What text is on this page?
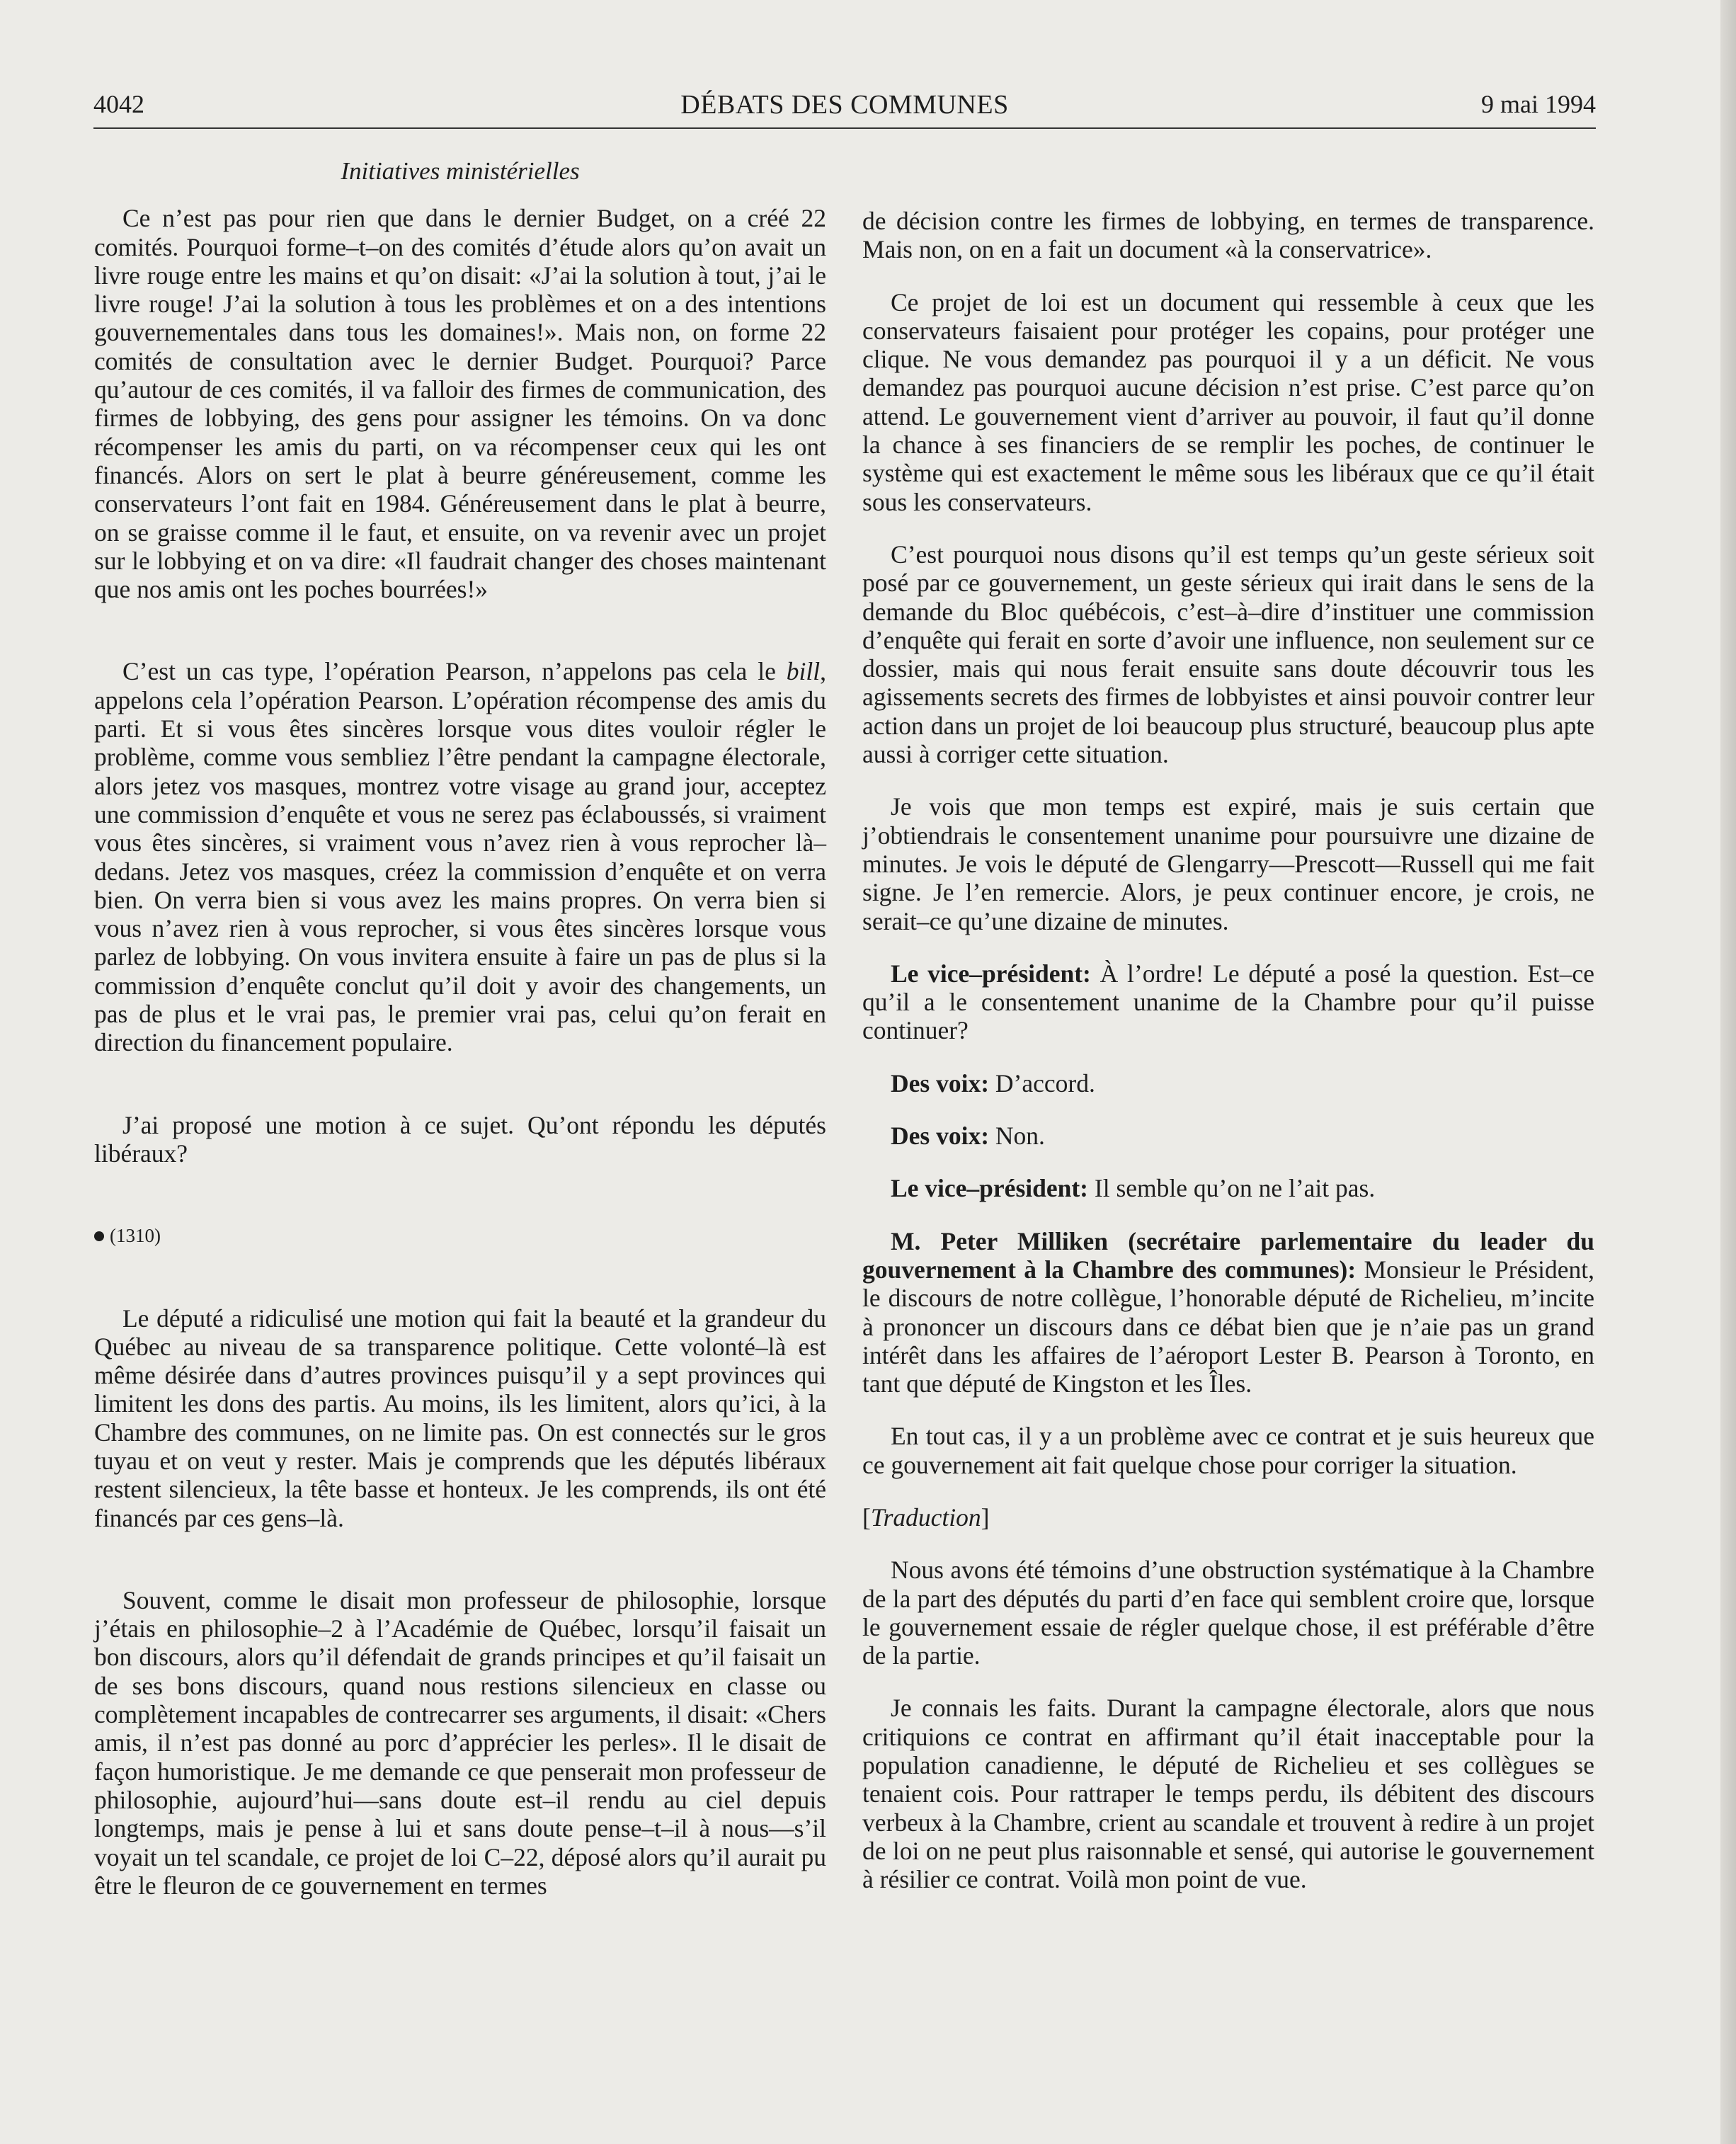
4042	DÉBATS DES COMMUNES	9 mai 1994
Initiatives ministérielles

Ce n’est pas pour rien que dans le dernier Budget, on a créé 22 comités. Pourquoi forme–t–on des comités d’étude alors qu’on avait un livre rouge entre les mains et qu’on disait: «J’ai la solution à tout, j’ai le livre rouge! J’ai la solution à tous les problèmes et on a des intentions gouvernementales dans tous les domaines!». Mais non, on forme 22 comités de consultation avec le dernier Budget. Pourquoi? Parce qu’autour de ces comités, il va falloir des firmes de communication, des firmes de lobbying, des gens pour assigner les témoins. On va donc récompenser les amis du parti, on va récompenser ceux qui les ont financés. Alors on sert le plat à beurre généreusement, comme les conservateurs l’ont fait en 1984. Généreusement dans le plat à beurre, on se graisse comme il le faut, et ensuite, on va revenir avec un projet sur le lobbying et on va dire: «Il faudrait changer des choses maintenant que nos amis ont les poches bourrées!»

C’est un cas type, l’opération Pearson, n’appelons pas cela le bill, appelons cela l’opération Pearson. L’opération récompense des amis du parti. Et si vous êtes sincères lorsque vous dites vouloir régler le problème, comme vous sembliez l’être pendant la campagne électorale, alors jetez vos masques, montrez votre visage au grand jour, acceptez une commission d’enquête et vous ne serez pas éclaboussés, si vraiment vous êtes sincères, si vraiment vous n’avez rien à vous reprocher là–dedans. Jetez vos masques, créez la commission d’enquête et on verra bien. On verra bien si vous avez les mains propres. On verra bien si vous n’avez rien à vous reprocher, si vous êtes sincères lorsque vous parlez de lobbying. On vous invitera ensuite à faire un pas de plus si la commission d’enquête conclut qu’il doit y avoir des changements, un pas de plus et le vrai pas, le premier vrai pas, celui qu’on ferait en direction du financement populaire.

J’ai proposé une motion à ce sujet. Qu’ont répondu les députés libéraux?

(1310)

Le député a ridiculisé une motion qui fait la beauté et la grandeur du Québec au niveau de sa transparence politique. Cette volonté–là est même désirée dans d’autres provinces puisqu’il y a sept provinces qui limitent les dons des partis. Au moins, ils les limitent, alors qu’ici, à la Chambre des communes, on ne limite pas. On est connectés sur le gros tuyau et on veut y rester. Mais je comprends que les députés libéraux restent silencieux, la tête basse et honteux. Je les comprends, ils ont été financés par ces gens–là.

Souvent, comme le disait mon professeur de philosophie, lorsque j’étais en philosophie–2 à l’Académie de Québec, lorsqu’il faisait un bon discours, alors qu’il défendait de grands principes et qu’il faisait un de ses bons discours, quand nous restions silencieux en classe ou complètement incapables de contrecarrer ses arguments, il disait: «Chers amis, il n’est pas donné au porc d’apprécier les perles». Il le disait de façon humoristique. Je me demande ce que penserait mon professeur de philosophie, aujourd’hui—sans doute est–il rendu au ciel depuis longtemps, mais je pense à lui et sans doute pense–t–il à nous—s’il voyait un tel scandale, ce projet de loi C–22, déposé alors qu’il aurait pu être le fleuron de ce gouvernement en termes

de décision contre les firmes de lobbying, en termes de transparence. Mais non, on en a fait un document «à la conservatrice».

Ce projet de loi est un document qui ressemble à ceux que les conservateurs faisaient pour protéger les copains, pour protéger une clique. Ne vous demandez pas pourquoi il y a un déficit. Ne vous demandez pas pourquoi aucune décision n’est prise. C’est parce qu’on attend. Le gouvernement vient d’arriver au pouvoir, il faut qu’il donne la chance à ses financiers de se remplir les poches, de continuer le système qui est exactement le même sous les libéraux que ce qu’il était sous les conservateurs.

C’est pourquoi nous disons qu’il est temps qu’un geste sérieux soit posé par ce gouvernement, un geste sérieux qui irait dans le sens de la demande du Bloc québécois, c’est–à–dire d’instituer une commission d’enquête qui ferait en sorte d’avoir une influence, non seulement sur ce dossier, mais qui nous ferait ensuite sans doute découvrir tous les agissements secrets des firmes de lobbyistes et ainsi pouvoir contrer leur action dans un projet de loi beaucoup plus structuré, beaucoup plus apte aussi à corriger cette situation.

Je vois que mon temps est expiré, mais je suis certain que j’obtiendrais le consentement unanime pour poursuivre une dizaine de minutes. Je vois le député de Glengarry—Prescott—Russell qui me fait signe. Je l’en remercie. Alors, je peux continuer encore, je crois, ne serait–ce qu’une dizaine de minutes.

Le vice–président: À l’ordre! Le député a posé la question. Est–ce qu’il a le consentement unanime de la Chambre pour qu’il puisse continuer?

Des voix: D’accord.

Des voix: Non.

Le vice–président: Il semble qu’on ne l’ait pas.

M. Peter Milliken (secrétaire parlementaire du leader du gouvernement à la Chambre des communes): Monsieur le Président, le discours de notre collègue, l’honorable député de Richelieu, m’incite à prononcer un discours dans ce débat bien que je n’aie pas un grand intérêt dans les affaires de l’aéroport Lester B. Pearson à Toronto, en tant que député de Kingston et les Îles.

En tout cas, il y a un problème avec ce contrat et je suis heureux que ce gouvernement ait fait quelque chose pour corriger la situation.

[Traduction]

Nous avons été témoins d’une obstruction systématique à la Chambre de la part des députés du parti d’en face qui semblent croire que, lorsque le gouvernement essaie de régler quelque chose, il est préférable d’être de la partie.

Je connais les faits. Durant la campagne électorale, alors que nous critiquions ce contrat en affirmant qu’il était inacceptable pour la population canadienne, le député de Richelieu et ses collègues se tenaient cois. Pour rattraper le temps perdu, ils débitent des discours verbeux à la Chambre, crient au scandale et trouvent à redire à un projet de loi on ne peut plus raisonnable et sensé, qui autorise le gouvernement à résilier ce contrat. Voilà mon point de vue.
